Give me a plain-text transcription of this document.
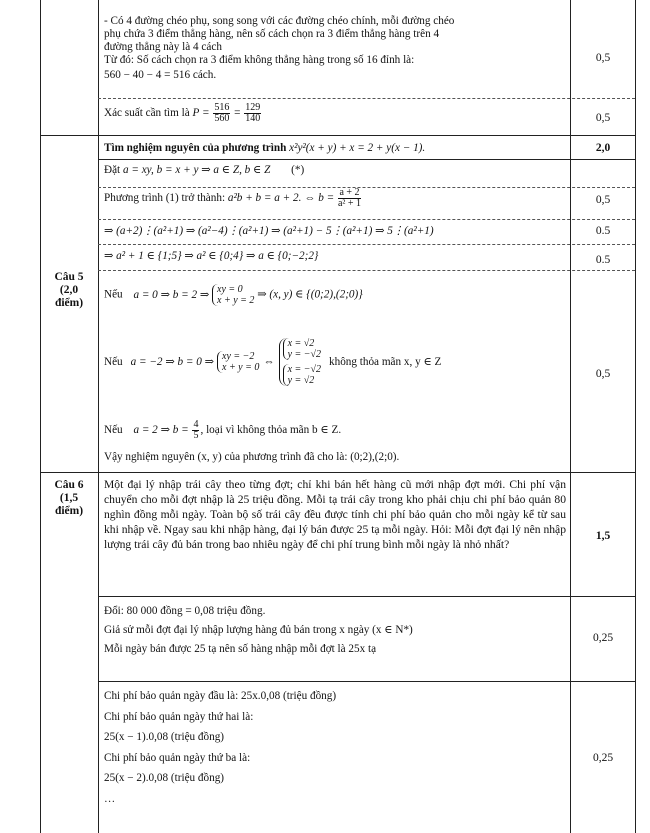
- Có 4 đường chéo phụ, song song với các đường chéo chính, mỗi đường chéo
phụ chứa 3 điểm thẳng hàng, nên số cách chọn ra 3 điểm thẳng hàng trên 4
đường thẳng này là 4 cách
Từ đó: Số cách chọn ra 3 điểm không thẳng hàng trong số 16 đỉnh là:
560 − 40 − 4 = 516 cách.
0,5
Xác suất cần tìm là $P = \frac{516}{560} = \frac{129}{140}$	0,5
Câu 5
(2,0
điểm)
Tìm nghiệm nguyên của phương trình x²y²(x + y) + x = 2 + y(x − 1).	2,0
Đặt a = xy, b = x + y ⇒ a ∈ Z, b ∈ Z (*)
Phương trình (1) trở thành: a²b + b = a + 2. ⇔ $b = \frac{a + 2}{\text{a² + 1}}$	0,5
⇒ (a+2)⋮(a²+1) ⇒ (a²−4)⋮(a²+1) ⇒ (a²+1) − 5⋮(a²+1) ⇒ 5⋮(a²+1)	0.5
⇒ a² + 1 ∈ {1;5} ⇒ a² ∈ {0;4} ⇒ a ∈ {0;−2;2}	0.5
Nếu a = 0 ⇒ b = 2 ⇒ xy = 0
x + y = 2 ⇒ (x, y) ∈ {(0;2),(2;0)}
Nếu a = −2 ⇒ b = 0 ⇒ xy = −2
x + y = 0 ⇔
x = √2
y = −√2
x = −√2
y = √2
không thỏa mãn x, y ∈ Z
0,5
Nếu a = 2 ⇒ $b = \frac{4}{5}$ , loại vì không thỏa mãn b ∈ Z.
Vậy nghiệm nguyên (x, y) của phương trình đã cho là: (0;2),(2;0).
Câu 6
(1,5
điểm)
Một đại lý nhập trái cây theo từng đợt; chỉ khi bán hết hàng cũ mới nhập đợt mới. Chi phí vận chuyển cho mỗi đợt nhập là 25 triệu đồng. Mỗi tạ trái cây trong kho phải chịu chi phí bảo quản 80 nghìn đồng mỗi ngày. Toàn bộ số trái cây đều được tính chi phí bảo quản cho mỗi ngày kể từ sau khi nhập về. Ngay sau khi nhập hàng, đại lý bán được 25 tạ mỗi ngày. Hỏi: Mỗi đợt đại lý nên nhập lượng trái cây đủ bán trong bao nhiêu ngày để chi phí trung bình mỗi ngày là nhỏ nhất?
1,5
Đổi: 80 000 đồng = 0,08 triệu đồng.
Giả sử mỗi đợt đại lý nhập lượng hàng đủ bán trong x ngày (x ∈ N*)
Mỗi ngày bán được 25 tạ nên số hàng nhập mỗi đợt là 25x tạ
0,25
Chi phí bảo quản ngày đầu là: 25x.0,08 (triệu đồng)
Chi phí bảo quản ngày thứ hai là:
25(x − 1).0,08 (triệu đồng)
Chi phí bảo quản ngày thứ ba là:
25(x − 2).0,08 (triệu đồng)
…
0,25
